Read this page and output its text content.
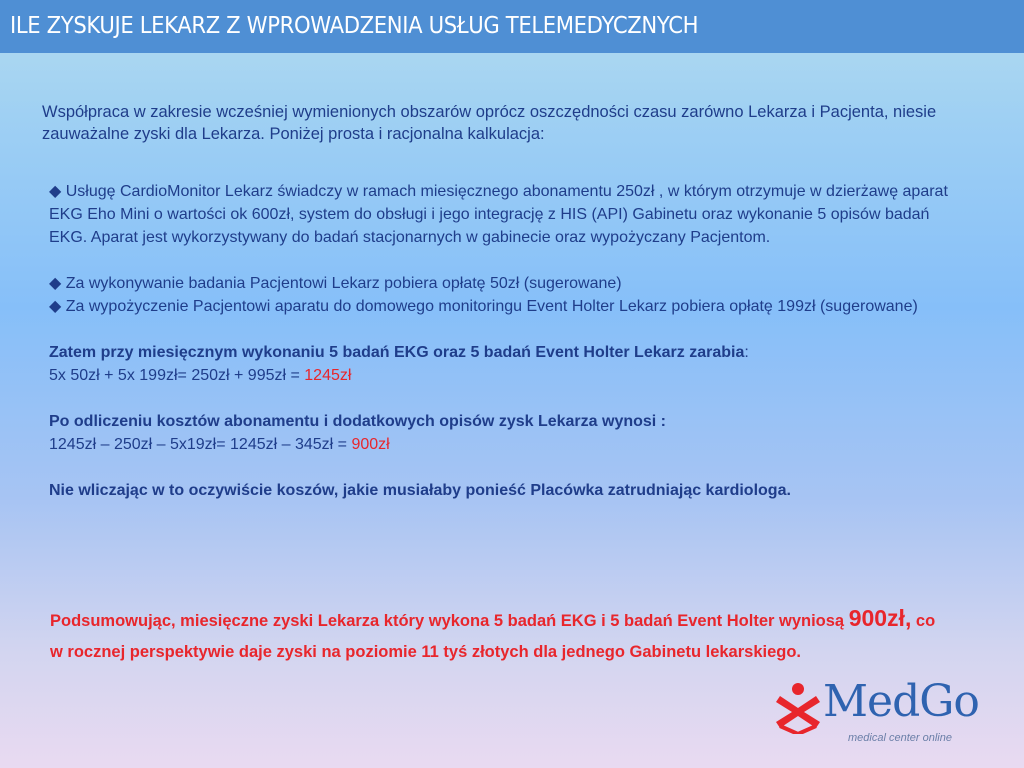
ILE ZYSKUJE LEKARZ Z WPROWADZENIA USŁUG TELEMEDYCZNYCH
Współpraca w zakresie wcześniej wymienionych obszarów oprócz oszczędności czasu zarówno Lekarza i Pacjenta, niesie zauważalne zyski dla Lekarza. Poniżej prosta i racjonalna kalkulacja:

◆ Usługę CardioMonitor Lekarz świadczy w ramach miesięcznego abonamentu 250zł , w którym otrzymuje w dzierżawę aparat EKG Eho Mini o wartości ok 600zł, system do obsługi i jego integrację z HIS (API) Gabinetu oraz wykonanie 5 opisów badań EKG. Aparat jest wykorzystywany do badań stacjonarnych w gabinecie oraz wypożyczany Pacjentom.

◆ Za wykonywanie badania Pacjentowi Lekarz pobiera opłatę 50zł (sugerowane)

◆ Za wypożyczenie Pacjentowi aparatu do domowego monitoringu Event Holter Lekarz pobiera opłatę 199zł (sugerowane)

Zatem przy miesięcznym wykonaniu 5 badań EKG oraz 5 badań Event Holter Lekarz zarabia:

5x 50zł + 5x 199zł= 250zł + 995zł = 1245zł

Po odliczeniu kosztów abonamentu i dodatkowych opisów zysk Lekarza wynosi :

1245zł – 250zł – 5x19zł= 1245zł – 345zł = 900zł

Nie wliczając w to oczywiście koszów, jakie musiałaby ponieść Placówka zatrudniając kardiologa.

Podsumowując, miesięczne zyski Lekarza który wykona 5 badań EKG i 5 badań Event Holter wyniosą 900zł, co w rocznej perspektywie daje zyski na poziomie 11 tyś złotych dla jednego Gabinetu lekarskiego.
MedGo
medical center online
